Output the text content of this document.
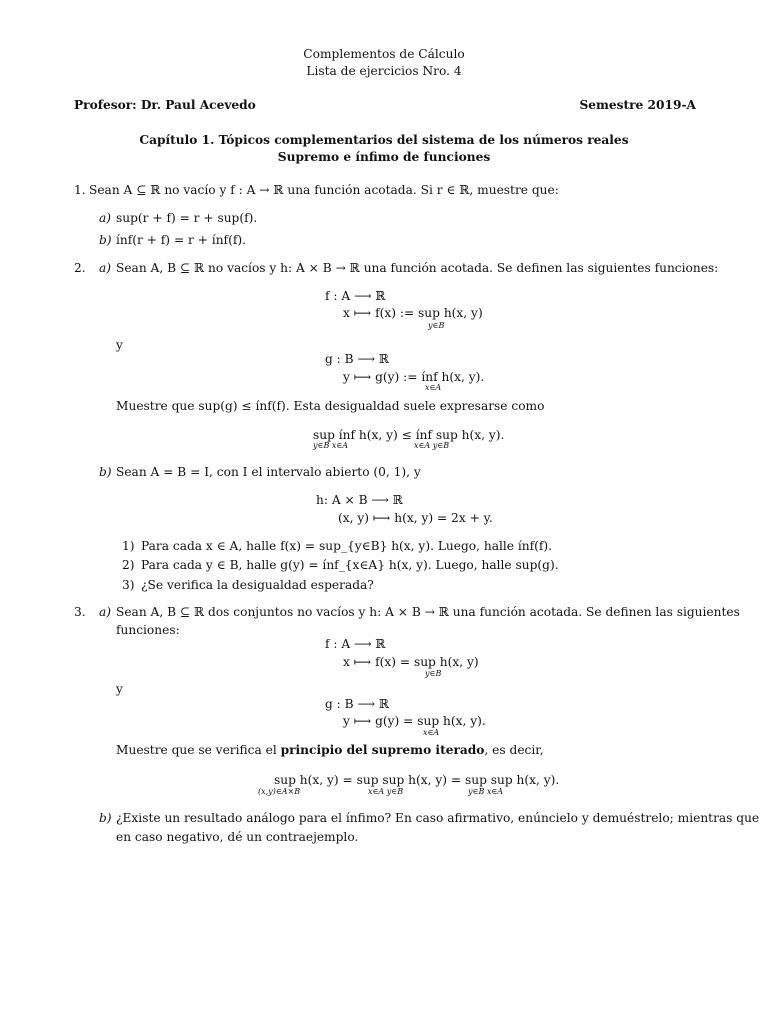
Complementos de Cálculo
Lista de ejercicios Nro. 4
Profesor: Dr. Paul Acevedo	Semestre 2019-A
Capítulo 1. Tópicos complementarios del sistema de los números reales
Supremo e ínfimo de funciones
1. Sean A ⊆ ℝ no vacío y f : A → ℝ una función acotada. Si r ∈ ℝ, muestre que:
a) sup(r + f) = r + sup(f).
b) ínf(r + f) = r + ínf(f).
2. a) Sean A, B ⊆ ℝ no vacíos y h: A × B → ℝ una función acotada. Se definen las siguientes funciones:
f : A ⟶ ℝ
x ⟼ f(x) := sup h(x, y)
y∈B
y
g : B ⟶ ℝ
y ⟼ g(y) := ínf h(x, y).
x∈A
Muestre que sup(g) ≤ ínf(f). Esta desigualdad suele expresarse como
sup ínf h(x, y) ≤ ínf sup h(x, y).
y∈B x∈A	x∈A y∈B
b) Sean A = B = I, con I el intervalo abierto (0, 1), y
h: A × B ⟶ ℝ
(x, y) ⟼ h(x, y) = 2x + y.
1) Para cada x ∈ A, halle f(x) = sup_{y∈B} h(x, y). Luego, halle ínf(f).
2) Para cada y ∈ B, halle g(y) = ínf_{x∈A} h(x, y). Luego, halle sup(g).
3) ¿Se verifica la desigualdad esperada?
3. a) Sean A, B ⊆ ℝ dos conjuntos no vacíos y h: A × B → ℝ una función acotada. Se definen las siguientes
funciones:
f : A ⟶ ℝ
x ⟼ f(x) = sup h(x, y)
y∈B
y
g : B ⟶ ℝ
y ⟼ g(y) = sup h(x, y).
x∈A
Muestre que se verifica el principio del supremo iterado, es decir,
sup h(x, y) = sup sup h(x, y) = sup sup h(x, y).
(x,y)∈A×B	x∈A y∈B	y∈B x∈A
b) ¿Existe un resultado análogo para el ínfimo? En caso afirmativo, enúncielo y demuéstrelo; mientras que
en caso negativo, dé un contraejemplo.
